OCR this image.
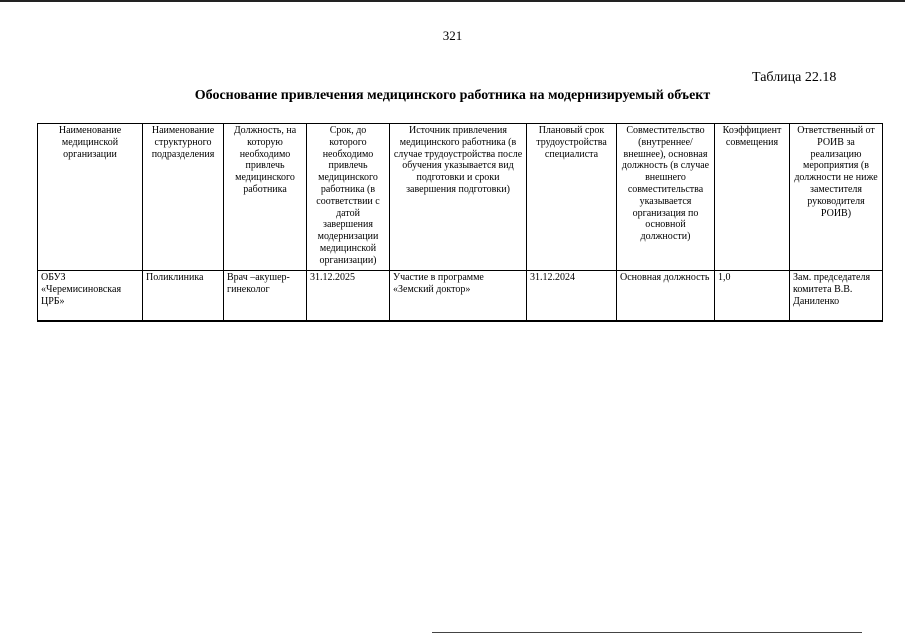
321
Таблица 22.18
Обоснование привлечения медицинского работника на модернизируемый объект
Наименование медицинской организации	Наименование структурного подразделения	Должность, на которую необходимо привлечь медицинского работника	Срок, до которого необходимо привлечь медицинского работника (в соответствии с датой завершения модернизации медицинской организации)	Источник привлечения медицинского работника (в случае трудоустройства после обучения указывается вид подготовки и сроки завершения подготовки)	Плановый срок трудоустройства специалиста	Совместительство (внутреннее/внешнее), основная должность (в случае внешнего совместительства указывается организация по основной должности)	Коэффициент совмещения	Ответственный от РОИВ за реализацию мероприятия (в должности не ниже заместителя руководителя РОИВ)
ОБУЗ «Черемисиновская ЦРБ»	Поликлиника	Врач –акушер-гинеколог	31.12.2025	Участие в программе «Земский доктор»	31.12.2024	Основная должность	1,0	Зам. председателя комитета В.В. Даниленко
